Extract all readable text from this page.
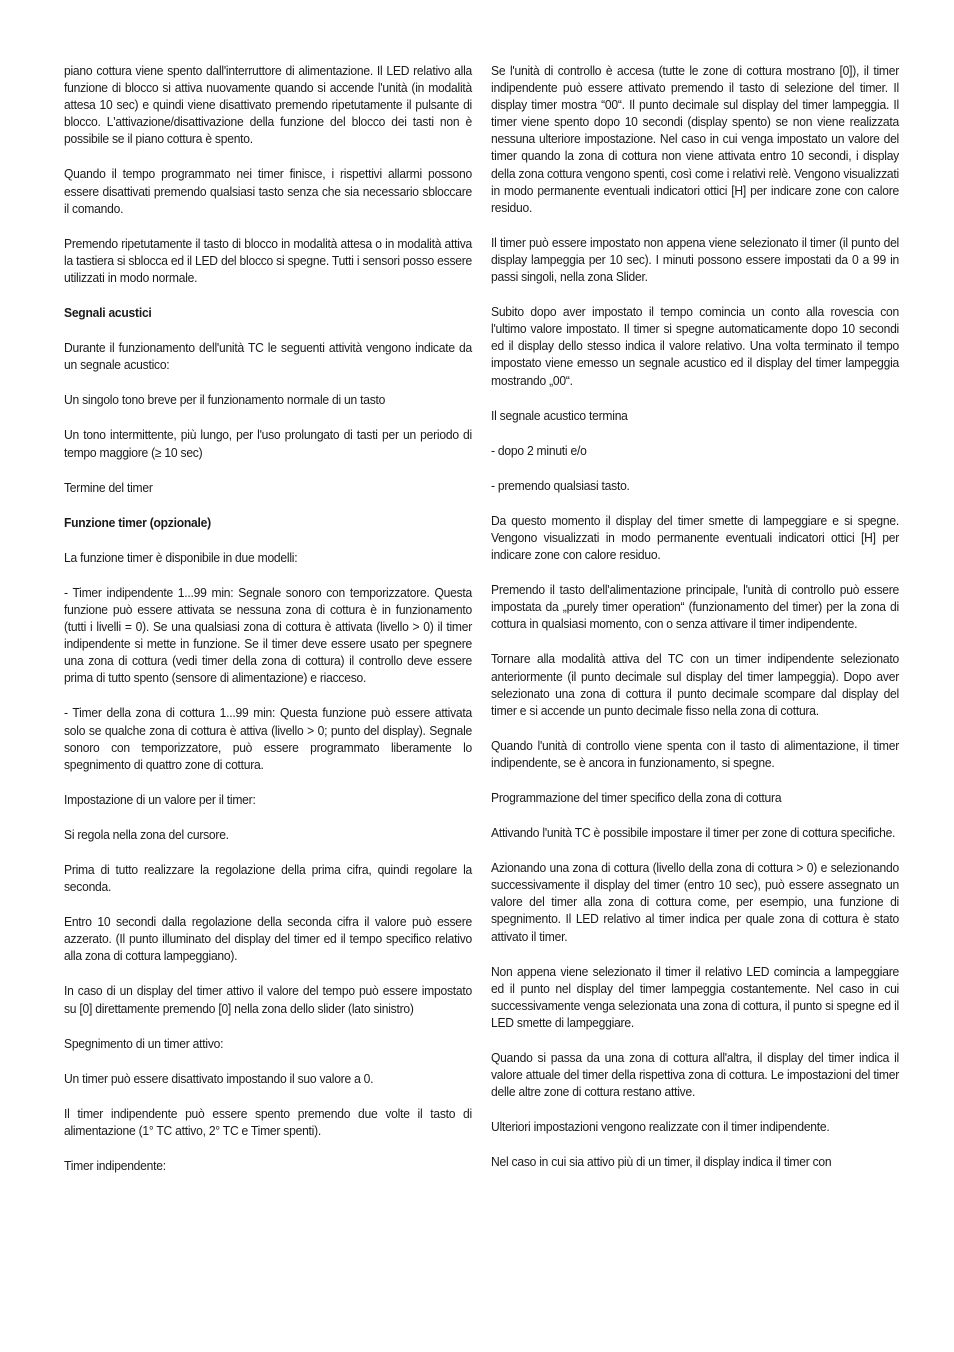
piano cottura viene spento dall'interruttore di alimentazione. Il LED relativo alla funzione di blocco si attiva nuovamente quando si accende l'unità (in modalità attesa 10 sec) e quindi viene disattivato premendo ripetutamente il pulsante di blocco. L'attivazione/disattivazione della funzione del blocco dei tasti non è possibile se il piano cottura è spento.

Quando il tempo programmato nei timer finisce, i rispettivi allarmi possono essere disattivati premendo qualsiasi tasto senza che sia necessario sbloccare il comando.

Premendo ripetutamente il tasto di blocco in modalità attesa o in modalità attiva la tastiera si sblocca ed il LED del blocco si spegne. Tutti i sensori posso essere utilizzati in modo normale.

Segnali acustici

Durante il funzionamento dell'unità TC le seguenti attività vengono indicate da un segnale acustico:

Un singolo tono breve per il funzionamento normale di un tasto

Un tono intermittente, più lungo, per l'uso prolungato di tasti per un periodo di tempo maggiore (≥ 10 sec)

Termine del timer

Funzione timer (opzionale)

La funzione timer è disponibile in due modelli:

- Timer indipendente 1...99 min: Segnale sonoro con temporizzatore. Questa funzione può essere attivata se nessuna zona di cottura è in funzionamento (tutti i livelli = 0). Se una qualsiasi zona di cottura è attivata (livello > 0) il timer indipendente si mette in funzione. Se il timer deve essere usato per spegnere una zona di cottura (vedi timer della zona di cottura) il controllo deve essere prima di tutto spento (sensore di alimentazione) e riacceso.

- Timer della zona di cottura 1...99 min: Questa funzione può essere attivata solo se qualche zona di cottura è attiva (livello > 0; punto del display). Segnale sonoro con temporizzatore, può essere programmato liberamente lo spegnimento di quattro zone di cottura.

Impostazione di un valore per il timer:

Si regola nella zona del cursore.

Prima di tutto realizzare la regolazione della prima cifra, quindi regolare la seconda.

Entro 10 secondi dalla regolazione della seconda cifra il valore può essere azzerato. (Il punto illuminato del display del timer ed il tempo specifico relativo alla zona di cottura lampeggiano).

In caso di un display del timer attivo il valore del tempo può essere impostato su [0] direttamente premendo [0] nella zona dello slider (lato sinistro)

Spegnimento di un timer attivo:

Un timer può essere disattivato impostando il suo valore a 0.

Il timer indipendente può essere spento premendo due volte il tasto di alimentazione (1° TC attivo, 2° TC e Timer spenti).

Timer indipendente:

Se l'unità di controllo è accesa (tutte le zone di cottura mostrano [0]), il timer indipendente può essere attivato premendo il tasto di selezione del timer. Il display timer mostra “00“. Il punto decimale sul display del timer lampeggia. Il timer viene spento dopo 10 secondi (display spento) se non viene realizzata nessuna ulteriore impostazione. Nel caso in cui venga impostato un valore del timer quando la zona di cottura non viene attivata entro 10 secondi, i display della zona cottura vengono spenti, così come i relativi relè. Vengono visualizzati in modo permanente eventuali indicatori ottici [H] per indicare zone con calore residuo.

Il timer può essere impostato non appena viene selezionato il timer (il punto del display lampeggia per 10 sec). I minuti possono essere impostati da 0 a 99 in passi singoli, nella zona Slider.

Subito dopo aver impostato il tempo comincia un conto alla rovescia con l'ultimo valore impostato. Il timer si spegne automaticamente dopo 10 secondi ed il display dello stesso indica il valore relativo. Una volta terminato il tempo impostato viene emesso un segnale acustico ed il display del timer lampeggia mostrando „00“.

Il segnale acustico termina

- dopo 2 minuti e/o

- premendo qualsiasi tasto.

Da questo momento il display del timer smette di lampeggiare e si spegne. Vengono visualizzati in modo permanente eventuali indicatori ottici [H] per indicare zone con calore residuo.

Premendo il tasto dell'alimentazione principale, l'unità di controllo può essere impostata da „purely timer operation“ (funzionamento del timer) per la zona di cottura in qualsiasi momento, con o senza attivare il timer indipendente.

Tornare alla modalità attiva del TC con un timer indipendente selezionato anteriormente (il punto decimale sul display del timer lampeggia). Dopo aver selezionato una zona di cottura il punto decimale scompare dal display del timer e si accende un punto decimale fisso nella zona di cottura.

Quando l'unità di controllo viene spenta con il tasto di alimentazione, il timer indipendente, se è ancora in funzionamento, si spegne.

Programmazione del timer specifico della zona di cottura

Attivando l'unità TC è possibile impostare il timer per zone di cottura specifiche.

Azionando una zona di cottura (livello della zona di cottura > 0) e selezionando successivamente il display del timer (entro 10 sec), può essere assegnato un valore del timer alla zona di cottura come, per esempio, una funzione di spegnimento. Il LED relativo al timer indica per quale zona di cottura è stato attivato il timer.

Non appena viene selezionato il timer il relativo LED comincia a lampeggiare ed il punto nel display del timer lampeggia costantemente. Nel caso in cui successivamente venga selezionata una zona di cottura, il punto si spegne ed il LED smette di lampeggiare.

Quando si passa da una zona di cottura all'altra, il display del timer indica il valore attuale del timer della rispettiva zona di cottura. Le impostazioni del timer delle altre zone di cottura restano attive.

Ulteriori impostazioni vengono realizzate con il timer indipendente.

Nel caso in cui sia attivo più di un timer, il display indica il timer con
